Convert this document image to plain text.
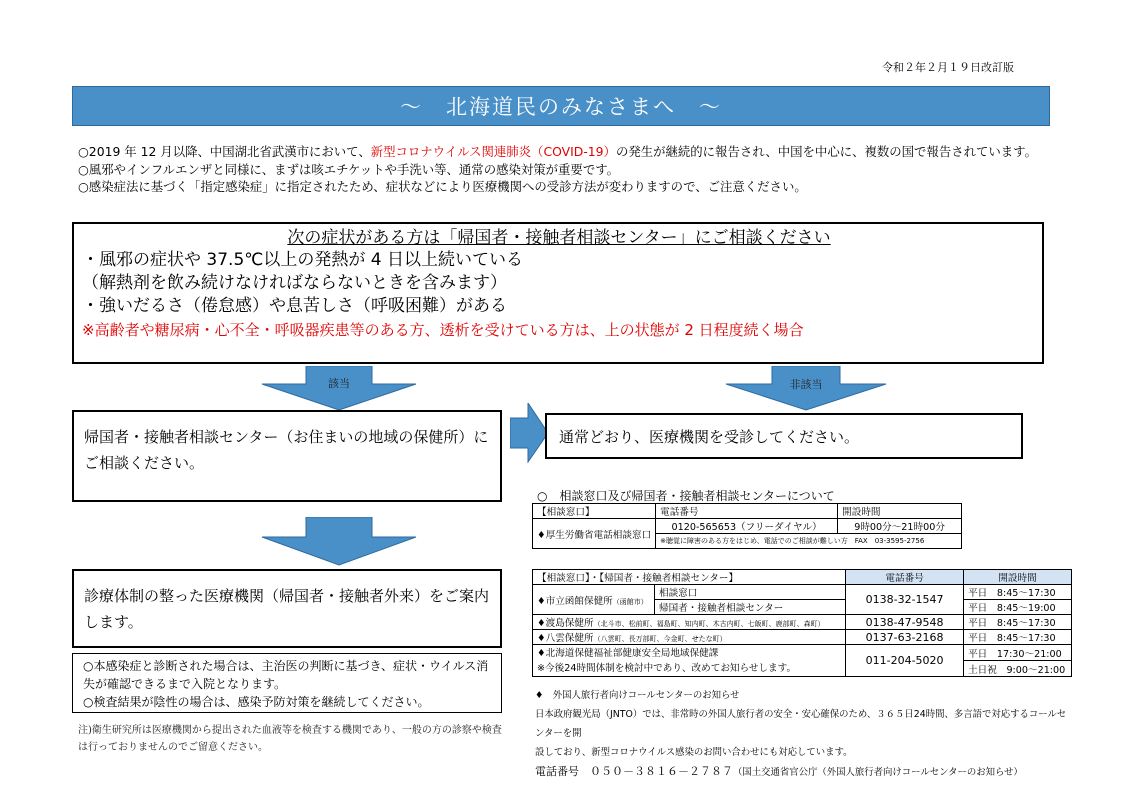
令和２年２月１９日改訂版
～　北海道民のみなさまへ　～

○2019 年 12 月以降、中国湖北省武漢市において、新型コロナウイルス関連肺炎（COVID-19）の発生が継続的に報告され、中国を中心に、複数の国で報告されています。

○風邪やインフルエンザと同様に、まずは咳エチケットや手洗い等、通常の感染対策が重要です。

○感染症法に基づく「指定感染症」に指定されたため、症状などにより医療機関への受診方法が変わりますので、ご注意ください。

次の症状がある方は「帰国者・接触者相談センター」にご相談ください
・風邪の症状や 37.5℃以上の発熱が 4 日以上続いている
（解熱剤を飲み続けなければならないときを含みます）
・強いだるさ（倦怠感）や息苦しさ（呼吸困難）がある
※高齢者や糖尿病・心不全・呼吸器疾患等のある方、透析を受けている方は、上の状態が 2 日程度続く場合
該当	非該当
帰国者・接触者相談センター（お住まいの地域の保健所）にご相談ください。
通常どおり、医療機関を受診してください。
診療体制の整った医療機関（帰国者・接触者外来）をご案内します。
○本感染症と診断された場合は、主治医の判断に基づき、症状・ウイルス消失が確認できるまで入院となります。
○検査結果が陰性の場合は、感染予防対策を継続してください。
注)衛生研究所は医療機関から提出された血液等を検査する機関であり、一般の方の診察や検査は行っておりませんのでご留意ください。
○　相談窓口及び帰国者・接触者相談センターについて
【相談窓口】	電話番号	開設時間
♦厚生労働省電話相談窓口	0120-565653（フリーダイヤル）	9時00分～21時00分
	※聴覚に障害のある方をはじめ、電話でのご相談が難しい方　FAX　03-3595-2756	
【相談窓口】・【帰国者・接触者相談センター】		電話番号	開設時間
♦市立函館保健所（函館市）	相談窓口	0138-32-1547	平日　8:45～17:30
	帰国者・接触者相談センター		平日　8:45～19:00
♦渡島保健所（北斗市、松前町、福島町、知内町、木古内町、七飯町、鹿部町、森町）		0138-47-9548	平日　8:45～17:30
♦八雲保健所（八雲町、長万部町、今金町、せたな町）		0137-63-2168	平日　8:45～17:30

♦北海道保健福祉部健康安全局地域保健課
※今後24時間体制を検討中であり、改めてお知らせします。		011-204-5020	平日　17:30～21:00
			土日祝　9:00～21:00
♦　外国人旅行者向けコールセンターのお知らせ
日本政府観光局（JNTO）では、非常時の外国人旅行者の安全・安心確保のため、３６５日24時間、多言語で対応するコールセンターを開
設しており、新型コロナウイルス感染のお問い合わせにも対応しています。
電話番号　０５０－３８１６－２７８７（国土交通省官公庁（外国人旅行者向けコールセンターのお知らせ）
